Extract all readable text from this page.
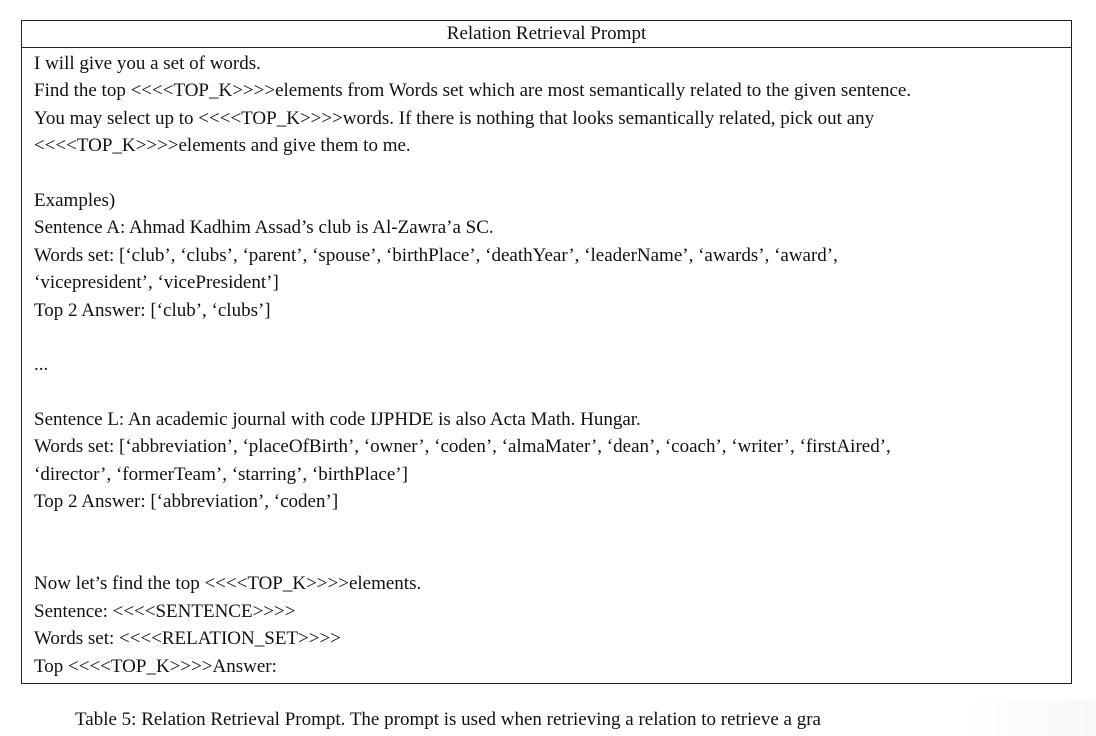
Relation Retrieval Prompt
I will give you a set of words.
Find the top <<<<TOP_K>>>>elements from Words set which are most semantically related to the given sentence.
You may select up to <<<<TOP_K>>>>words. If there is nothing that looks semantically related, pick out any
<<<<TOP_K>>>>elements and give them to me.
Examples)
Sentence A: Ahmad Kadhim Assad’s club is Al-Zawra’a SC.
Words set: [‘club’, ‘clubs’, ‘parent’, ‘spouse’, ‘birthPlace’, ‘deathYear’, ‘leaderName’, ‘awards’, ‘award’,
‘vicepresident’, ‘vicePresident’]
Top 2 Answer: [‘club’, ‘clubs’]
...
Sentence L: An academic journal with code IJPHDE is also Acta Math. Hungar.
Words set: [‘abbreviation’, ‘placeOfBirth’, ‘owner’, ‘coden’, ‘almaMater’, ‘dean’, ‘coach’, ‘writer’, ‘firstAired’,
‘director’, ‘formerTeam’, ‘starring’, ‘birthPlace’]
Top 2 Answer: [‘abbreviation’, ‘coden’]
Now let’s find the top <<<<TOP_K>>>>elements.
Sentence: <<<<SENTENCE>>>>
Words set: <<<<RELATION_SET>>>>
Top <<<<TOP_K>>>>Answer:
Table 5: Relation Retrieval Prompt. The prompt is used when retrieving a relation to retrieve a gra
